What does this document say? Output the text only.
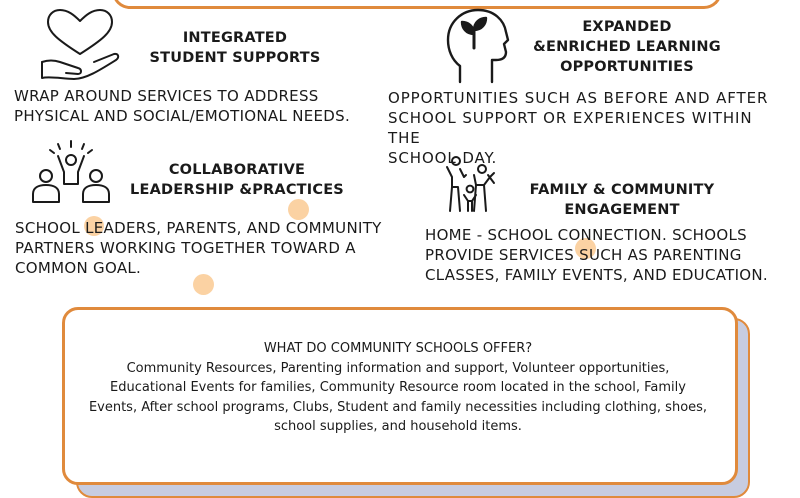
INTEGRATED
STUDENT SUPPORTS
WRAP AROUND SERVICES TO ADDRESS
PHYSICAL AND SOCIAL/EMOTIONAL NEEDS.
EXPANDED
&ENRICHED LEARNING
OPPORTUNITIES
OPPORTUNITIES SUCH AS BEFORE AND AFTER
SCHOOL SUPPORT OR EXPERIENCES WITHIN THE
SCHOOL DAY.
COLLABORATIVE
LEADERSHIP &PRACTICES
SCHOOL LEADERS, PARENTS, AND COMMUNITY
PARTNERS WORKING TOGETHER TOWARD A
COMMON GOAL.
FAMILY & COMMUNITY
ENGAGEMENT
HOME - SCHOOL CONNECTION. SCHOOLS
PROVIDE SERVICES SUCH AS PARENTING
CLASSES, FAMILY EVENTS, AND EDUCATION.
WHAT DO COMMUNITY SCHOOLS OFFER?
Community Resources, Parenting information and support, Volunteer opportunities,
Educational Events for families, Community Resource room located in the school, Family
Events, After school programs, Clubs, Student and family necessities including clothing, shoes,
school supplies, and household items.
